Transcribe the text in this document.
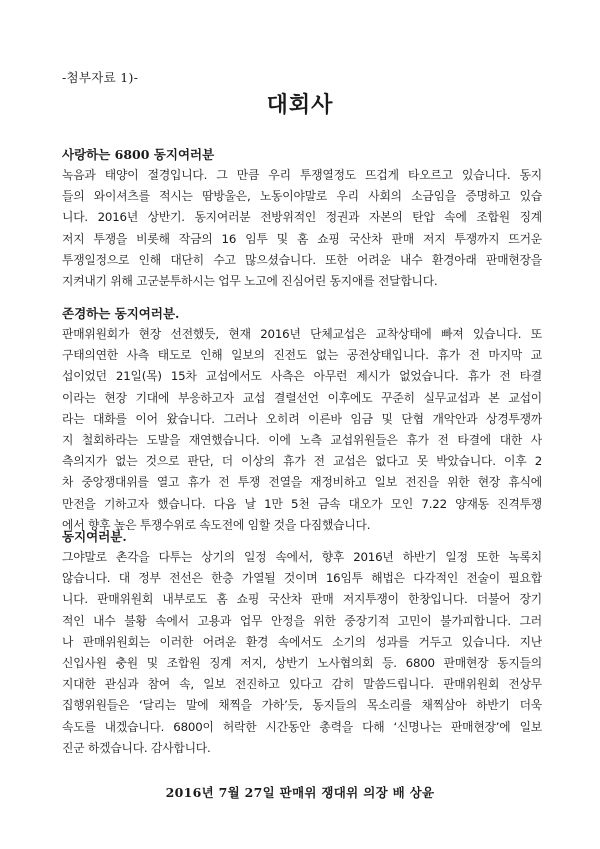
-첨부자료 1)-
대회사
사랑하는 6800 동지여러분
녹음과 태양이 절경입니다. 그 만큼 우리 투쟁열정도 뜨겁게 타오르고 있습니다. 동지
들의 와이셔츠를 적시는 땀방울은, 노동이야말로 우리 사회의 소금임을 증명하고 있습
니다. 2016년 상반기. 동지여러분 전방위적인 정권과 자본의 탄압 속에 조합원 징계
저지 투쟁을 비롯해 작금의 16 임투 및 홈 쇼핑 국산차 판매 저지 투쟁까지 뜨거운
투쟁일정으로 인해 대단히 수고 많으셨습니다. 또한 어려운 내수 환경아래 판매현장을
지켜내기 위해 고군분투하시는 업무 노고에 진심어린 동지애를 전달합니다.
존경하는 동지여러분.
판매위원회가 현장 선전했듯, 현재 2016년 단체교섭은 교착상태에 빠져 있습니다. 또
구태의연한 사측 태도로 인해 일보의 진전도 없는 공전상태입니다. 휴가 전 마지막 교
섭이었던 21일(목) 15차 교섭에서도 사측은 아무런 제시가 없었습니다. 휴가 전 타결
이라는 현장 기대에 부응하고자 교섭 결렬선언 이후에도 꾸준히 실무교섭과 본 교섭이
라는 대화를 이어 왔습니다. 그러나 오히려 이른바 임금 및 단협 개악안과 상경투쟁까
지 철회하라는 도발을 재연했습니다. 이에 노측 교섭위원들은 휴가 전 타결에 대한 사
측의지가 없는 것으로 판단, 더 이상의 휴가 전 교섭은 없다고 못 박았습니다. 이후 2
차 중앙쟁대위를 열고 휴가 전 투쟁 전열을 재정비하고 일보 전진을 위한 현장 휴식에
만전을 기하고자 했습니다. 다음 날 1만 5천 금속 대오가 모인 7.22 양재동 진격투쟁
에서 향후 높은 투쟁수위로 속도전에 임할 것을 다짐했습니다.
동지여러분.
그야말로 촌각을 다투는 상기의 일정 속에서, 향후 2016년 하반기 일정 또한 녹록치
않습니다. 대 정부 전선은 한층 가열될 것이며 16임투 해법은 다각적인 전술이 필요합
니다. 판매위원회 내부로도 홈 쇼핑 국산차 판매 저지투쟁이 한창입니다. 더불어 장기
적인 내수 불황 속에서 고용과 업무 안정을 위한 중장기적 고민이 불가피합니다. 그러
나 판매위원회는 이러한 어려운 환경 속에서도 소기의 성과를 거두고 있습니다. 지난
신입사원 충원 및 조합원 징계 저지, 상반기 노사협의회 등. 6800 판매현장 동지들의
지대한 관심과 참여 속, 일보 전진하고 있다고 감히 말씀드립니다. 판매위원회 전상무
집행위원들은 ‘달리는 말에 채찍을 가하’듯, 동지들의 목소리를 채찍삼아 하반기 더욱
속도를 내겠습니다. 6800이 허락한 시간동안 총력을 다해 ‘신명나는 판매현장’에 일보
진군 하겠습니다. 감사합니다.
2016년 7월 27일 판매위 쟁대위 의장 배 상윤
